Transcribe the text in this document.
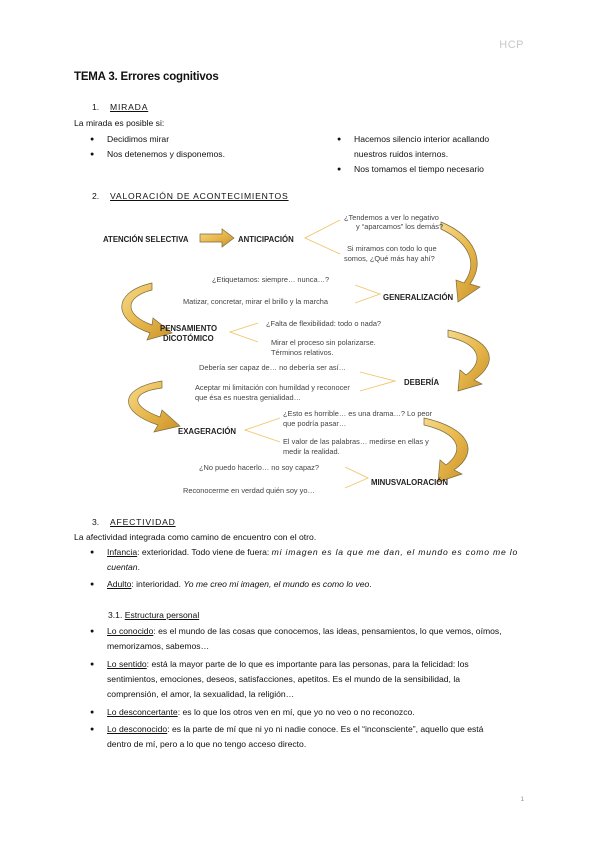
HCP
TEMA 3. Errores cognitivos
1. MIRADA
La mirada es posible si:
●	Decidimos mirar
●	Nos detenemos y disponemos.
●	Hacemos silencio interior acallando
nuestros ruidos internos.
●	Nos tomamos el tiempo necesario
2. VALORACIÓN DE ACONTECIMIENTOS
ATENCIÓN SELECTIVA	ANTICIPACIÓN
GENERALIZACIÓN
PENSAMIENTO
DICOTÓMICO
DEBERÍA
EXAGERACIÓN
MINUSVALORACIÓN
¿Tendemos a ver lo negativo
y “aparcamos” los demás?
Si miramos con todo lo que
somos, ¿Qué más hay ahí?
¿Etiquetamos: siempre… nunca…?
Matizar, concretar, mirar el brillo y la marcha
¿Falta de flexibilidad: todo o nada?
Mirar el proceso sin polarizarse.
Términos relativos.
Debería ser capaz de… no debería ser así…
Aceptar mi limitación con humildad y reconocer
que ésa es nuestra genialidad…
¿Esto es horrible… es una drama…? Lo peor
que podría pasar…
El valor de las palabras… medirse en ellas y
medir la realidad.
¿No puedo hacerlo… no soy capaz?
Reconocerme en verdad quién soy yo…
3. AFECTIVIDAD
La afectividad integrada como camino de encuentro con el otro.
●	Infancia: exterioridad. Todo viene de fuera: mi imagen es la que me dan, el mundo es como me lo
cuentan.
●	Adulto: interioridad. Yo me creo mi imagen, el mundo es como lo veo.
3.1. Estructura personal
●	Lo conocido: es el mundo de las cosas que conocemos, las ideas, pensamientos, lo que vemos, oímos,
memorizamos, sabemos…
●	Lo sentido: está la mayor parte de lo que es importante para las personas, para la felicidad: los
sentimientos, emociones, deseos, satisfacciones, apetitos. Es el mundo de la sensibilidad, la
comprensión, el amor, la sexualidad, la religión…
●	Lo desconcertante: es lo que los otros ven en mí, que yo no veo o no reconozco.
●	Lo desconocido: es la parte de mí que ni yo ni nadie conoce. Es el “inconsciente”, aquello que está
dentro de mí, pero a lo que no tengo acceso directo.
1
